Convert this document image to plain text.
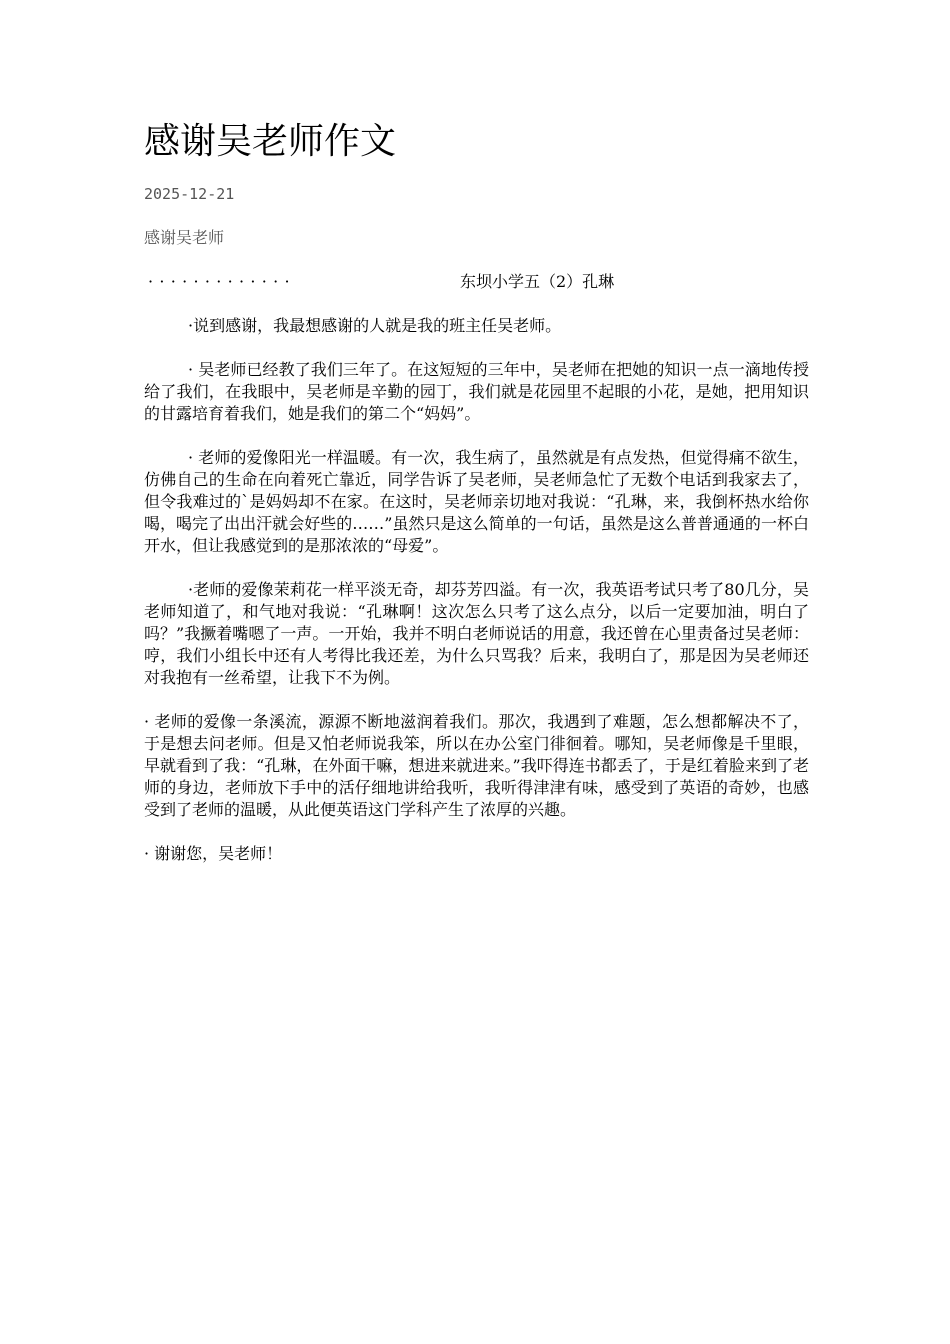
感谢吴老师作文
2025-12-21
感谢吴老师
· · · · · · · · · · · · ·	东坝小学五（2）孔琳

·说到感谢，我最想感谢的人就是我的班主任吴老师。

· 吴老师已经教了我们三年了。在这短短的三年中，吴老师在把她的知识一点一滴地传授给了我们，在我眼中，吴老师是辛勤的园丁，我们就是花园里不起眼的小花，是她，把用知识的甘露培育着我们，她是我们的第二个“妈妈”。

· 老师的爱像阳光一样温暖。有一次，我生病了，虽然就是有点发热，但觉得痛不欲生，仿佛自己的生命在向着死亡靠近，同学告诉了吴老师，吴老师急忙了无数个电话到我家去了，但令我难过的`是妈妈却不在家。在这时，吴老师亲切地对我说：“孔琳，来，我倒杯热水给你喝，喝完了出出汗就会好些的……”虽然只是这么简单的一句话，虽然是这么普普通通的一杯白开水，但让我感觉到的是那浓浓的“母爱”。

·老师的爱像茉莉花一样平淡无奇，却芬芳四溢。有一次，我英语考试只考了80几分，吴老师知道了，和气地对我说：“孔琳啊！这次怎么只考了这么点分，以后一定要加油，明白了吗？”我撅着嘴嗯了一声。一开始，我并不明白老师说话的用意，我还曾在心里责备过吴老师：哼，我们小组长中还有人考得比我还差，为什么只骂我？后来，我明白了，那是因为吴老师还对我抱有一丝希望，让我下不为例。

· 老师的爱像一条溪流，源源不断地滋润着我们。那次，我遇到了难题，怎么想都解决不了，于是想去问老师。但是又怕老师说我笨，所以在办公室门徘徊着。哪知，吴老师像是千里眼，早就看到了我：“孔琳，在外面干嘛，想进来就进来。”我吓得连书都丢了，于是红着脸来到了老师的身边，老师放下手中的活仔细地讲给我听，我听得津津有味，感受到了英语的奇妙，也感受到了老师的温暖，从此便英语这门学科产生了浓厚的兴趣。

· 谢谢您，吴老师！
